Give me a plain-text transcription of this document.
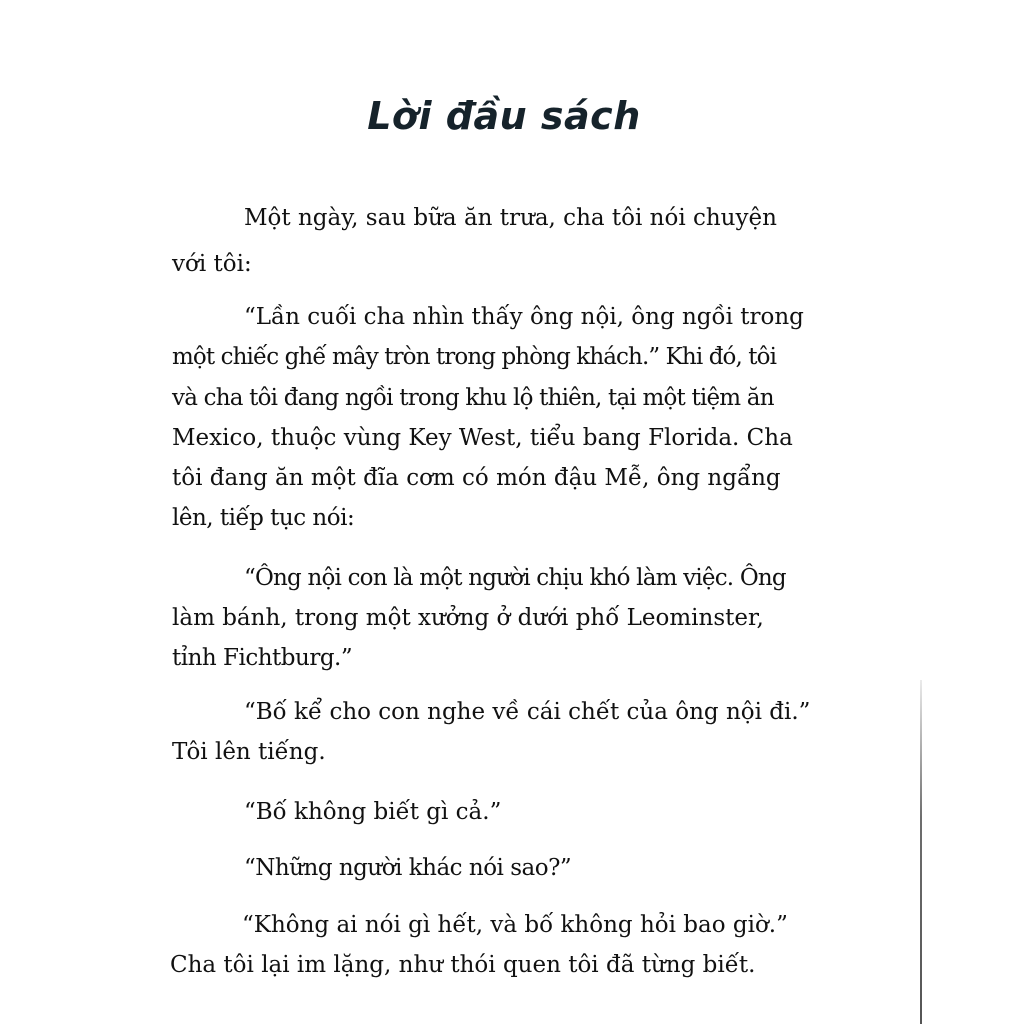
Lời đầu sách
Một ngày, sau bữa ăn trưa, cha tôi nói chuyện
với tôi:
“Lần cuối cha nhìn thấy ông nội, ông ngồi trong
một chiếc ghế mây tròn trong phòng khách.” Khi đó, tôi
và cha tôi đang ngồi trong khu lộ thiên, tại một tiệm ăn
Mexico, thuộc vùng Key West, tiểu bang Florida. Cha
tôi đang ăn một đĩa cơm có món đậu Mễ, ông ngẩng
lên, tiếp tục nói:
“Ông nội con là một người chịu khó làm việc. Ông
làm bánh, trong một xưởng ở dưới phố Leominster,
tỉnh Fichtburg.”
“Bố kể cho con nghe về cái chết của ông nội đi.”
Tôi lên tiếng.
“Bố không biết gì cả.”
“Những người khác nói sao?”
“Không ai nói gì hết, và bố không hỏi bao giờ.”
Cha tôi lại im lặng, như thói quen tôi đã từng biết.
